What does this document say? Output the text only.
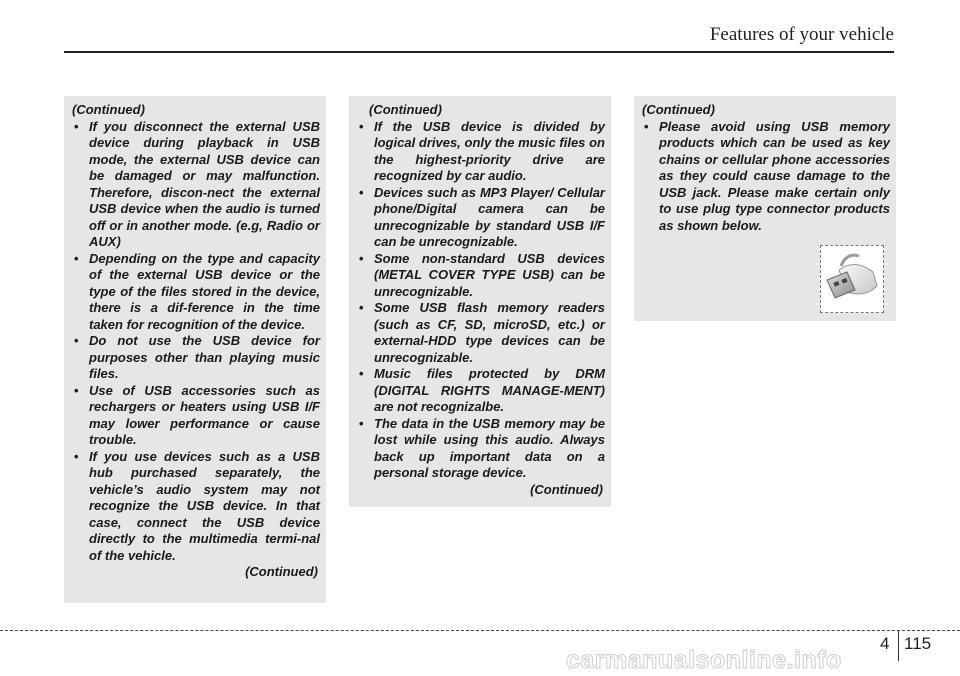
Features of your vehicle

(Continued)

• If you disconnect the external USB device during playback in USB mode, the external USB device can be damaged or may malfunction. Therefore, discon-nect the external USB device when the audio is turned off or in another mode. (e.g, Radio or AUX)
• Depending on the type and capacity of the external USB device or the type of the files stored in the device, there is a dif-ference in the time taken for recognition of the device.
• Do not use the USB device for purposes other than playing music files.
• Use of USB accessories such as rechargers or heaters using USB I/F may lower performance or cause trouble.
• If you use devices such as a USB hub purchased separately, the vehicle’s audio system may not recognize the USB device. In that case, connect the USB device directly to the multimedia termi-nal of the vehicle.

(Continued)

(Continued)

• If the USB device is divided by logical drives, only the music files on the highest-priority drive are recognized by car audio.
• Devices such as MP3 Player/ Cellular phone/Digital camera can be unrecognizable by standard USB I/F can be unrecognizable.
• Some non-standard USB devices (METAL COVER TYPE USB) can be unrecognizable.
• Some USB flash memory readers (such as CF, SD, microSD, etc.) or external-HDD type devices can be unrecognizable.
• Music files protected by DRM (DIGITAL RIGHTS MANAGE-MENT) are not recognizalbe.
• The data in the USB memory may be lost while using this audio. Always back up important data on a personal storage device.

(Continued)

(Continued)

• Please avoid using USB memory products which can be used as key chains or cellular phone accessories as they could cause damage to the USB jack. Please make certain only to use plug type connector products as shown below.
4 115
carmanualsonline.info
